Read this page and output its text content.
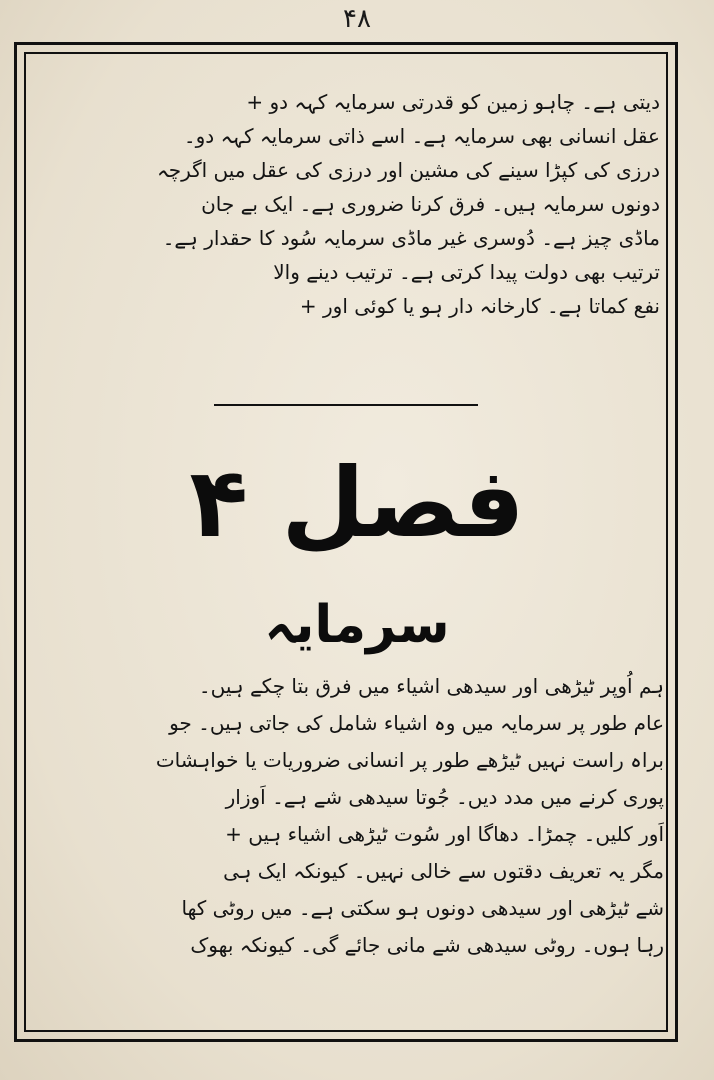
۴۸
دیتی ہے۔ چاہو زمین کو قدرتی سرمایہ کہہ دو +
عقل انسانی بھی سرمایہ ہے۔ اسے ذاتی سرمایہ کہہ دو۔
درزی کی کپڑا سینے کی مشین اور درزی کی عقل میں اگرچہ
دونوں سرمایہ ہیں۔ فرق کرنا ضروری ہے۔ ایک بے جان
ماڈی چیز ہے۔ دُوسری غیر ماڈی سرمایہ سُود کا حقدار ہے۔
ترتیب بھی دولت پیدا کرتی ہے۔ ترتیب دینے والا
نفع کماتا ہے۔ کارخانہ دار ہو یا کوئی اور +
فصل ۴
سرمایہ
ہم اُوپر ٹیڑھی اور سیدھی اشیاء میں فرق بتا چکے ہیں۔
عام طور پر سرمایہ میں وہ اشیاء شامل کی جاتی ہیں۔ جو
براہ راست نہیں ٹیڑھے طور پر انسانی ضروریات یا خواہشات
پوری کرنے میں مدد دیں۔ جُوتا سیدھی شے ہے۔ اَوزار
اَور کلیں۔ چمڑا۔ دھاگا اور سُوت ٹیڑھی اشیاء ہیں +
مگر یہ تعریف دقتوں سے خالی نہیں۔ کیونکہ ایک ہی
شے ٹیڑھی اور سیدھی دونوں ہو سکتی ہے۔ میں روٹی کھا
رہا ہوں۔ روٹی سیدھی شے مانی جائے گی۔ کیونکہ بھوک
